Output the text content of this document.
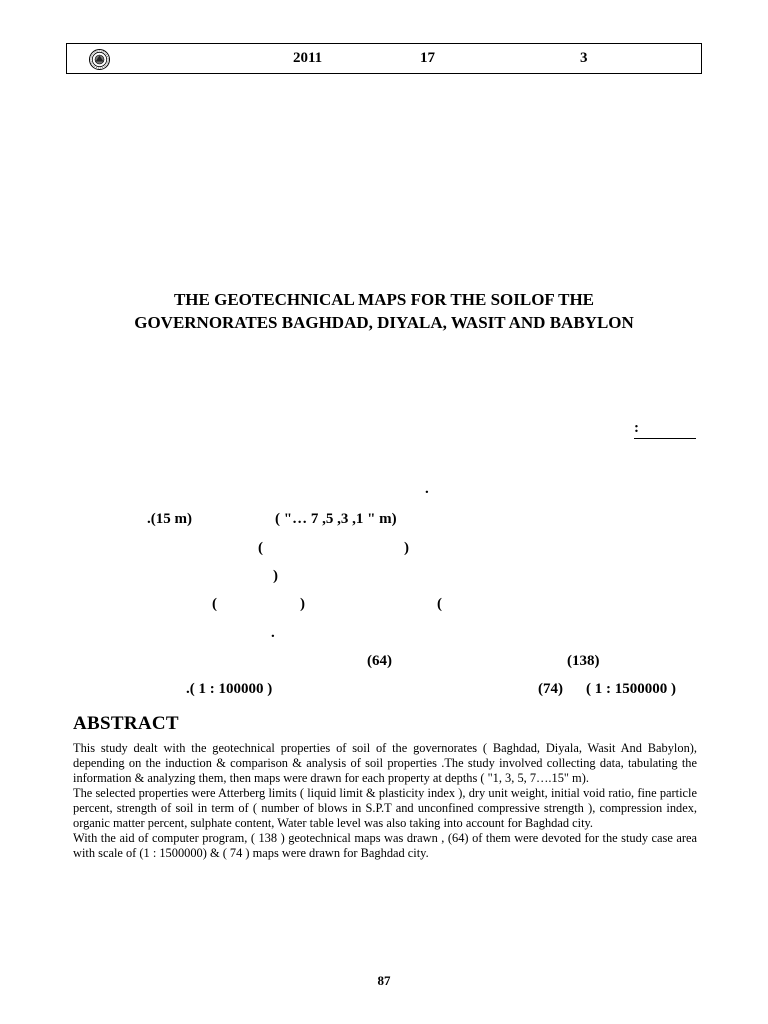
2011	17	3
THE GEOTECHNICAL MAPS FOR THE SOILOF THE
GOVERNORATES BAGHDAD, DIYALA, WASIT AND BABYLON
:
.
.(15 m)	( "… 7 ,5 ,3 ,1 " m)
(	)
)
(	)	(
.
(64)	(138)
.( 1 : 100000 )	(74) ( 1 : 1500000 )
ABSTRACT

This study dealt with the geotechnical properties of soil of the governorates ( Baghdad, Diyala, Wasit And Babylon), depending on the induction & comparison & analysis of soil properties .The study involved collecting data, tabulating the information & analyzing them, then maps were drawn for each property at depths ( "1, 3, 5, 7….15" m).

The selected properties were Atterberg limits ( liquid limit & plasticity index ), dry unit weight, initial void ratio, fine particle percent, strength of soil in term of ( number of blows in S.P.T and unconfined compressive strength ), compression index, organic matter percent, sulphate content, Water table level was also taking into account for Baghdad city.

With the aid of computer program, ( 138 ) geotechnical maps was drawn , (64) of them were devoted for the study case area with scale of (1 : 1500000) & ( 74 ) maps were drawn for Baghdad city.

87
